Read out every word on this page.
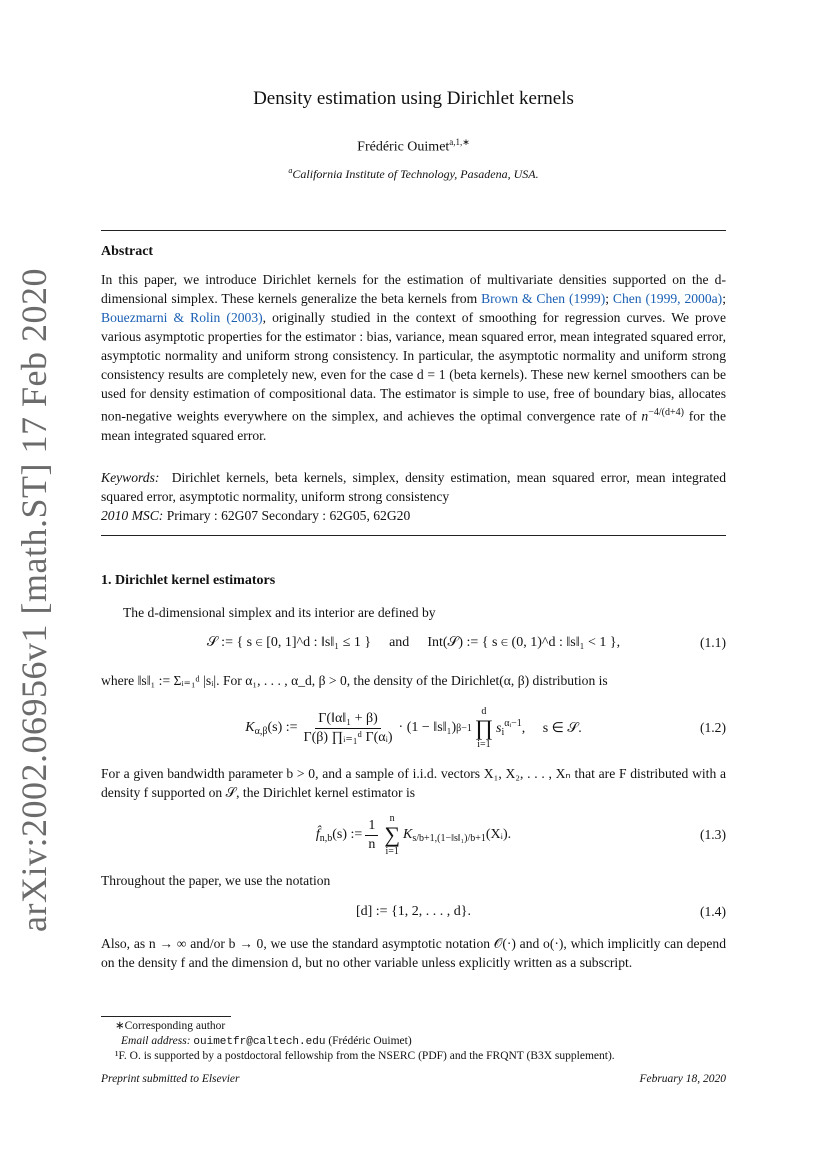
arXiv:2002.06956v1 [math.ST] 17 Feb 2020
Density estimation using Dirichlet kernels
Frédéric Ouimet$^{a,1,∗}$
$^a$California Institute of Technology, Pasadena, USA.
Abstract
In this paper, we introduce Dirichlet kernels for the estimation of multivariate densities supported on the d-dimensional simplex. These kernels generalize the beta kernels from Brown & Chen (1999); Chen (1999, 2000a); Bouezmarni & Rolin (2003), originally studied in the context of smoothing for regression curves. We prove various asymptotic properties for the estimator : bias, variance, mean squared error, mean integrated squared error, asymptotic normality and uniform strong consistency. In particular, the asymptotic normality and uniform strong consistency results are completely new, even for the case d = 1 (beta kernels). These new kernel smoothers can be used for density estimation of compositional data. The estimator is simple to use, free of boundary bias, allocates non-negative weights everywhere on the simplex, and achieves the optimal convergence rate of $n^{-4/(d+4)}$ for the mean integrated squared error.
Keywords: Dirichlet kernels, beta kernels, simplex, density estimation, mean squared error, mean integrated squared error, asymptotic normality, uniform strong consistency
2010 MSC: Primary : 62G07 Secondary : 62G05, 62G20
1. Dirichlet kernel estimators
The d-dimensional simplex and its interior are defined by
𝒮 := { s ∈ [0, 1]^d : ‖s‖₁ ≤ 1 } and Int(𝒮) := { s ∈ (0, 1)^d : ‖s‖₁ < 1 },	(1.1)
where ‖s‖₁ := Σᵢ₌₁ᵈ |sᵢ|. For α₁, . . . , α_d, β > 0, the density of the Dirichlet(α, β) distribution is
$K_{\alpha,\beta}(s)$ := $\frac{\text{Γ(‖α‖₁ + β)}}{\text{Γ(β) ∏ᵢ₌₁ᵈ Γ(αᵢ)}} \cdot (1$ − ‖s‖₁) β−1
d
∏
i=1
$s_i^{\alpha ᵢ-1}$ ,     s ∈ 𝒮.	(1.2)
For a given bandwidth parameter b > 0, and a sample of i.i.d. vectors X₁, X₂, . . . , Xₙ that are F distributed with a density f supported on 𝒮, the Dirichlet kernel estimator is
$f̂_{n,b}(s)$ := $\frac{1}{n}$ n
∑
i=1
$K_{s/b+1,(1-‖s‖_1)/b+1}(Xᵢ)$.	(1.3)
Throughout the paper, we use the notation
[d] := {1, 2, . . . , d}.	(1.4)
Also, as n → ∞ and/or b → 0, we use the standard asymptotic notation 𝒪(·) and o(·), which implicitly can depend on the density f and the dimension d, but no other variable unless explicitly written as a subscript.
∗Corresponding author
Email address: ouimetfr@caltech.edu (Frédéric Ouimet)
¹F. O. is supported by a postdoctoral fellowship from the NSERC (PDF) and the FRQNT (B3X supplement).
Preprint submitted to Elsevier	February 18, 2020
